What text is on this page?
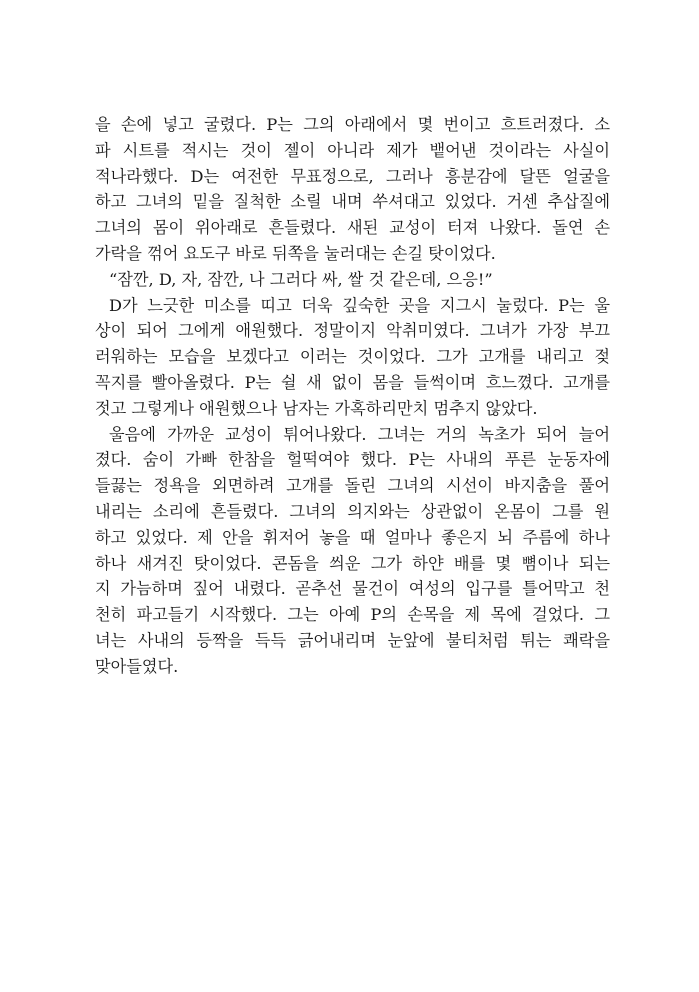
을 손에 넣고 굴렸다. P는 그의 아래에서 몇 번이고 흐트러졌다. 소
파 시트를 적시는 것이 젤이 아니라 제가 뱉어낸 것이라는 사실이
적나라했다. D는 여전한 무표정으로, 그러나 흥분감에 달뜬 얼굴을
하고 그녀의 밑을 질척한 소릴 내며 쑤셔대고 있었다. 거센 추삽질에
그녀의 몸이 위아래로 흔들렸다. 새된 교성이 터져 나왔다. 돌연 손
가락을 꺾어 요도구 바로 뒤쪽을 눌러대는 손길 탓이었다.
“잠깐, D, 자, 잠깐, 나 그러다 싸, 쌀 것 같은데, 으응!”
D가 느긋한 미소를 띠고 더욱 깊숙한 곳을 지그시 눌렀다. P는 울
상이 되어 그에게 애원했다. 정말이지 악취미였다. 그녀가 가장 부끄
러워하는 모습을 보겠다고 이러는 것이었다. 그가 고개를 내리고 젖
꼭지를 빨아올렸다. P는 쉴 새 없이 몸을 들썩이며 흐느꼈다. 고개를
젓고 그렇게나 애원했으나 남자는 가혹하리만치 멈추지 않았다.
울음에 가까운 교성이 튀어나왔다. 그녀는 거의 녹초가 되어 늘어
졌다. 숨이 가빠 한참을 헐떡여야 했다. P는 사내의 푸른 눈동자에
들끓는 정욕을 외면하려 고개를 돌린 그녀의 시선이 바지춤을 풀어
내리는 소리에 흔들렸다. 그녀의 의지와는 상관없이 온몸이 그를 원
하고 있었다. 제 안을 휘저어 놓을 때 얼마나 좋은지 뇌 주름에 하나
하나 새겨진 탓이었다. 콘돔을 씌운 그가 하얀 배를 몇 뼘이나 되는
지 가늠하며 짚어 내렸다. 곧추선 물건이 여성의 입구를 틀어막고 천
천히 파고들기 시작했다. 그는 아예 P의 손목을 제 목에 걸었다. 그
녀는 사내의 등짝을 득득 긁어내리며 눈앞에 불티처럼 튀는 쾌락을
맞아들였다.
